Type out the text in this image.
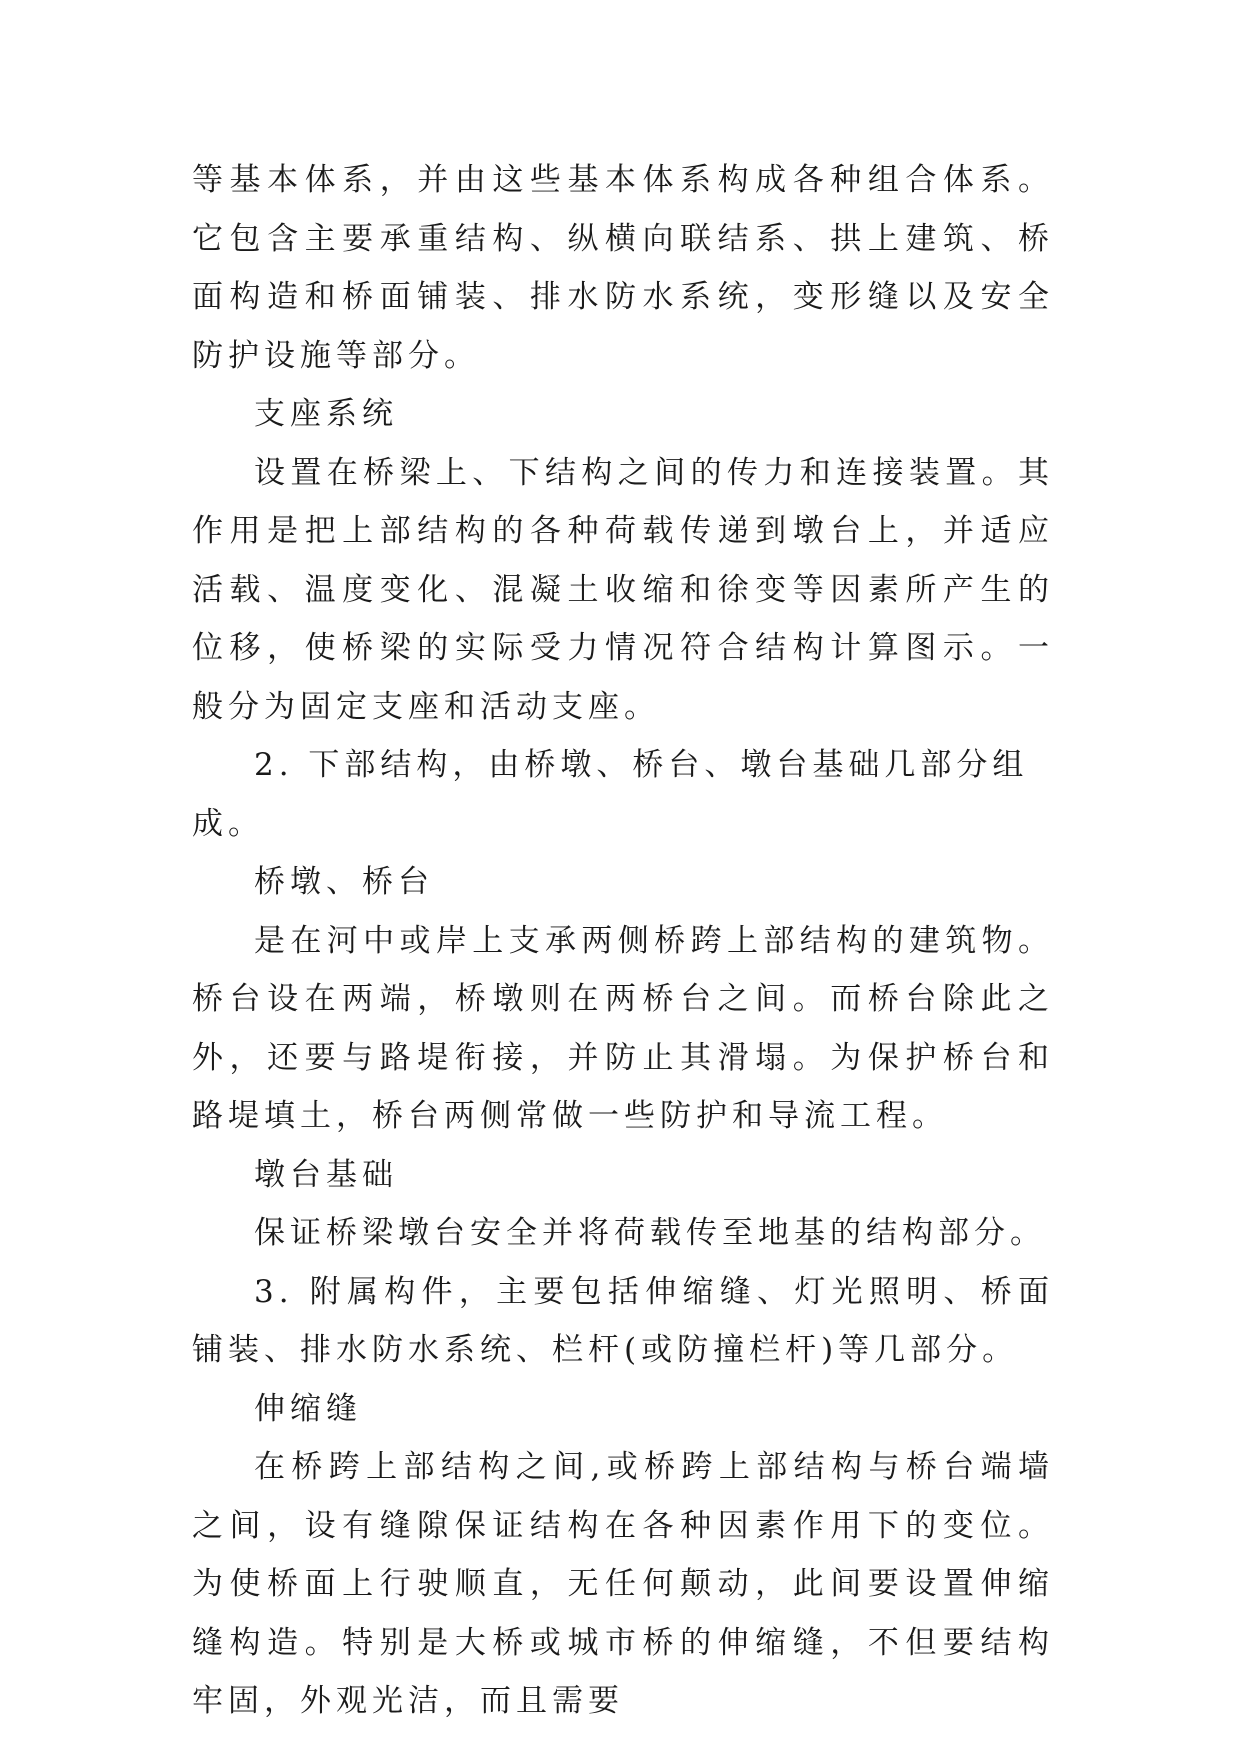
等基本体系，并由这些基本体系构成各种组合体系。它包含主要承重结构、纵横向联结系、拱上建筑、桥面构造和桥面铺装、排水防水系统，变形缝以及安全防护设施等部分。

支座系统

设置在桥梁上、下结构之间的传力和连接装置。其作用是把上部结构的各种荷载传递到墩台上，并适应活载、温度变化、混凝土收缩和徐变等因素所产生的位移，使桥梁的实际受力情况符合结构计算图示。一般分为固定支座和活动支座。

2. 下部结构，由桥墩、桥台、墩台基础几部分组成。

桥墩、桥台

是在河中或岸上支承两侧桥跨上部结构的建筑物。桥台设在两端，桥墩则在两桥台之间。而桥台除此之外，还要与路堤衔接，并防止其滑塌。为保护桥台和路堤填土，桥台两侧常做一些防护和导流工程。

墩台基础

保证桥梁墩台安全并将荷载传至地基的结构部分。

3. 附属构件，主要包括伸缩缝、灯光照明、桥面铺装、排水防水系统、栏杆(或防撞栏杆)等几部分。

伸缩缝

在桥跨上部结构之间,或桥跨上部结构与桥台端墙之间，设有缝隙保证结构在各种因素作用下的变位。为使桥面上行驶顺直，无任何颠动，此间要设置伸缩缝构造。特别是大桥或城市桥的伸缩缝，不但要结构牢固，外观光洁，而且需要
